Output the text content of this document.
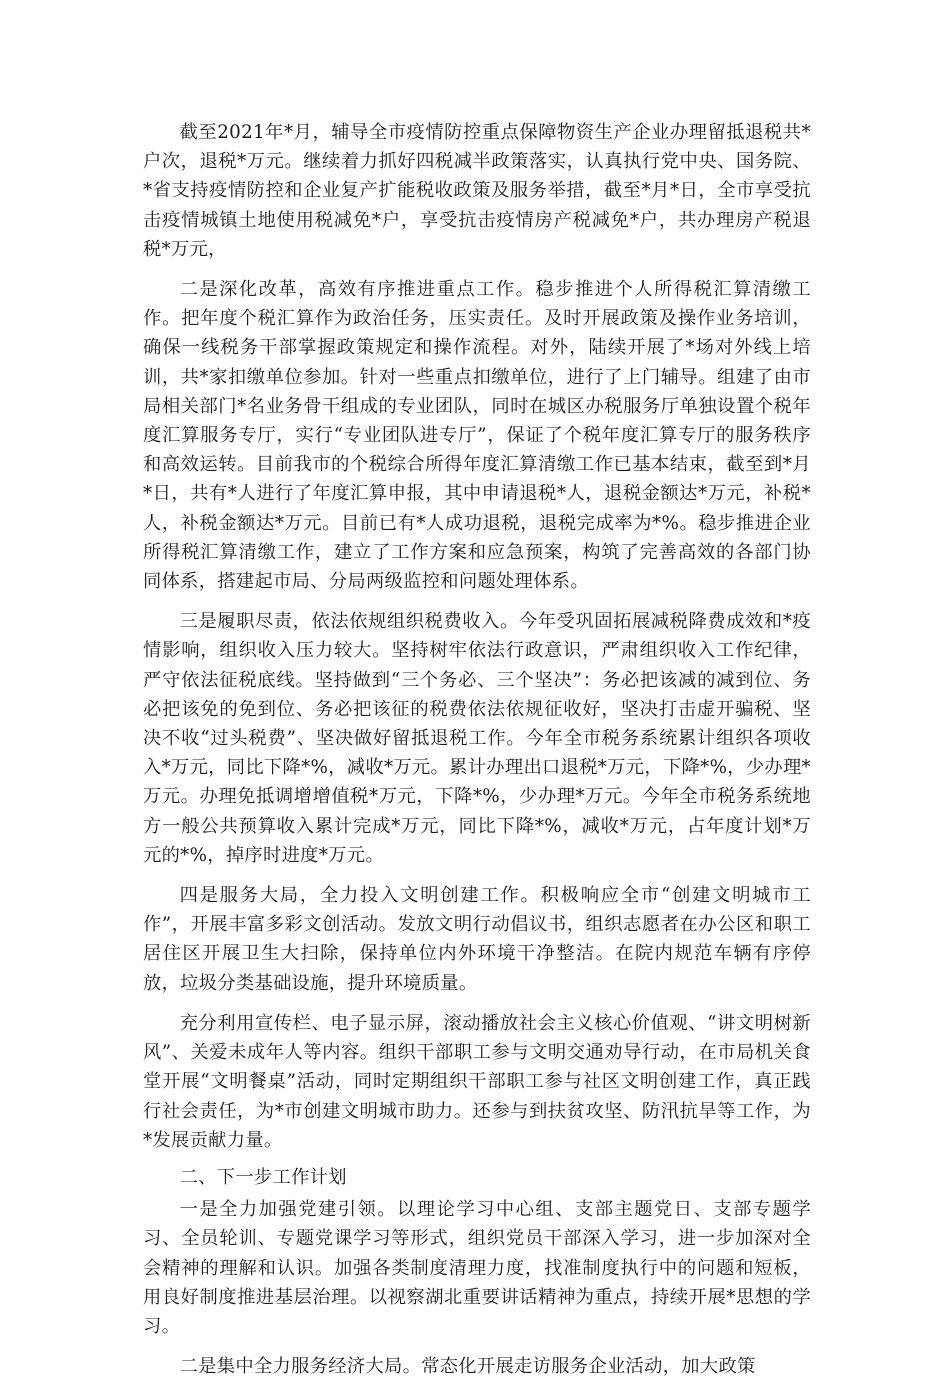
截至2021年*月，辅导全市疫情防控重点保障物资生产企业办理留抵退税共*户次，退税*万元。继续着力抓好四税减半政策落实，认真执行党中央、国务院、*省支持疫情防控和企业复产扩能税收政策及服务举措，截至*月*日，全市享受抗击疫情城镇土地使用税减免*户，享受抗击疫情房产税减免*户，共办理房产税退税*万元，

二是深化改革，高效有序推进重点工作。稳步推进个人所得税汇算清缴工作。把年度个税汇算作为政治任务，压实责任。及时开展政策及操作业务培训，确保一线税务干部掌握政策规定和操作流程。对外，陆续开展了*场对外线上培训，共*家扣缴单位参加。针对一些重点扣缴单位，进行了上门辅导。组建了由市局相关部门*名业务骨干组成的专业团队，同时在城区办税服务厅单独设置个税年度汇算服务专厅，实行“专业团队进专厅”，保证了个税年度汇算专厅的服务秩序和高效运转。目前我市的个税综合所得年度汇算清缴工作已基本结束，截至到*月*日，共有*人进行了年度汇算申报，其中申请退税*人，退税金额达*万元，补税*人，补税金额达*万元。目前已有*人成功退税，退税完成率为*%。稳步推进企业所得税汇算清缴工作，建立了工作方案和应急预案，构筑了完善高效的各部门协同体系，搭建起市局、分局两级监控和问题处理体系。

三是履职尽责，依法依规组织税费收入。今年受巩固拓展减税降费成效和*疫情影响，组织收入压力较大。坚持树牢依法行政意识，严肃组织收入工作纪律，严守依法征税底线。坚持做到“三个务必、三个坚决”：务必把该减的减到位、务必把该免的免到位、务必把该征的税费依法依规征收好，坚决打击虚开骗税、坚决不收“过头税费”、坚决做好留抵退税工作。今年全市税务系统累计组织各项收入*万元，同比下降*%，减收*万元。累计办理出口退税*万元，下降*%，少办理*万元。办理免抵调增增值税*万元，下降*%，少办理*万元。今年全市税务系统地方一般公共预算收入累计完成*万元，同比下降*%，减收*万元，占年度计划*万元的*%，掉序时进度*万元。

四是服务大局，全力投入文明创建工作。积极响应全市“创建文明城市工作”，开展丰富多彩文创活动。发放文明行动倡议书，组织志愿者在办公区和职工居住区开展卫生大扫除，保持单位内外环境干净整洁。在院内规范车辆有序停放，垃圾分类基础设施，提升环境质量。

充分利用宣传栏、电子显示屏，滚动播放社会主义核心价值观、“讲文明树新风”、关爱未成年人等内容。组织干部职工参与文明交通劝导行动，在市局机关食堂开展“文明餐桌”活动，同时定期组织干部职工参与社区文明创建工作，真正践行社会责任，为*市创建文明城市助力。还参与到扶贫攻坚、防汛抗旱等工作，为*发展贡献力量。

二、下一步工作计划

一是全力加强党建引领。以理论学习中心组、支部主题党日、支部专题学习、全员轮训、专题党课学习等形式，组织党员干部深入学习，进一步加深对全会精神的理解和认识。加强各类制度清理力度，找准制度执行中的问题和短板，用良好制度推进基层治理。以视察湖北重要讲话精神为重点，持续开展*思想的学习。

二是集中全力服务经济大局。常态化开展走访服务企业活动，加大政策
